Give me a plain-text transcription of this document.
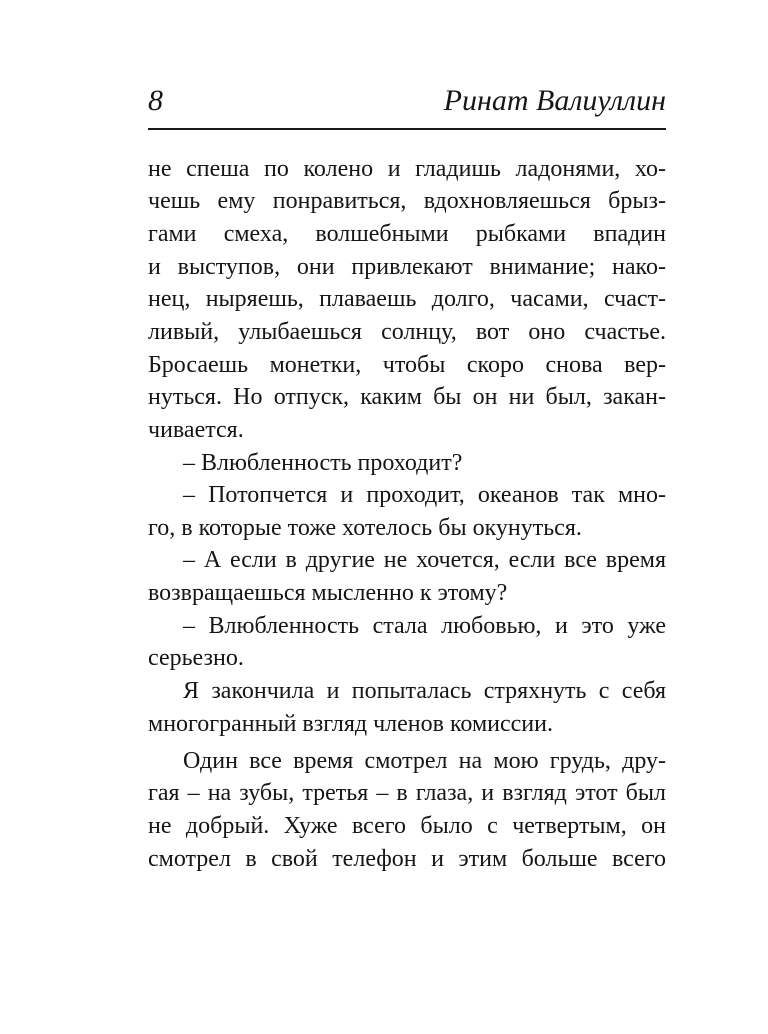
8	Ринат Валиуллин
не спеша по колено и гладишь ладонями, хо-
чешь ему понравиться, вдохновляешься брыз-
гами смеха, волшебными рыбками впадин
и выступов, они привлекают внимание; нако-
нец, ныряешь, плаваешь долго, часами, счаст-
ливый, улыбаешься солнцу, вот оно счастье.
Бросаешь монетки, чтобы скоро снова вер-
нуться. Но отпуск, каким бы он ни был, закан-
чивается.
– Влюбленность проходит?
– Потопчется и проходит, океанов так мно-
го, в которые тоже хотелось бы окунуться.
– А если в другие не хочется, если все время
возвращаешься мысленно к этому?
– Влюбленность стала любовью, и это уже
серьезно.
Я закончила и попыталась стряхнуть с себя
многогранный взгляд членов комиссии.
Один все время смотрел на мою грудь, дру-
гая – на зубы, третья – в глаза, и взгляд этот был
не добрый. Хуже всего было с четвертым, он
смотрел в свой телефон и этим больше всего
